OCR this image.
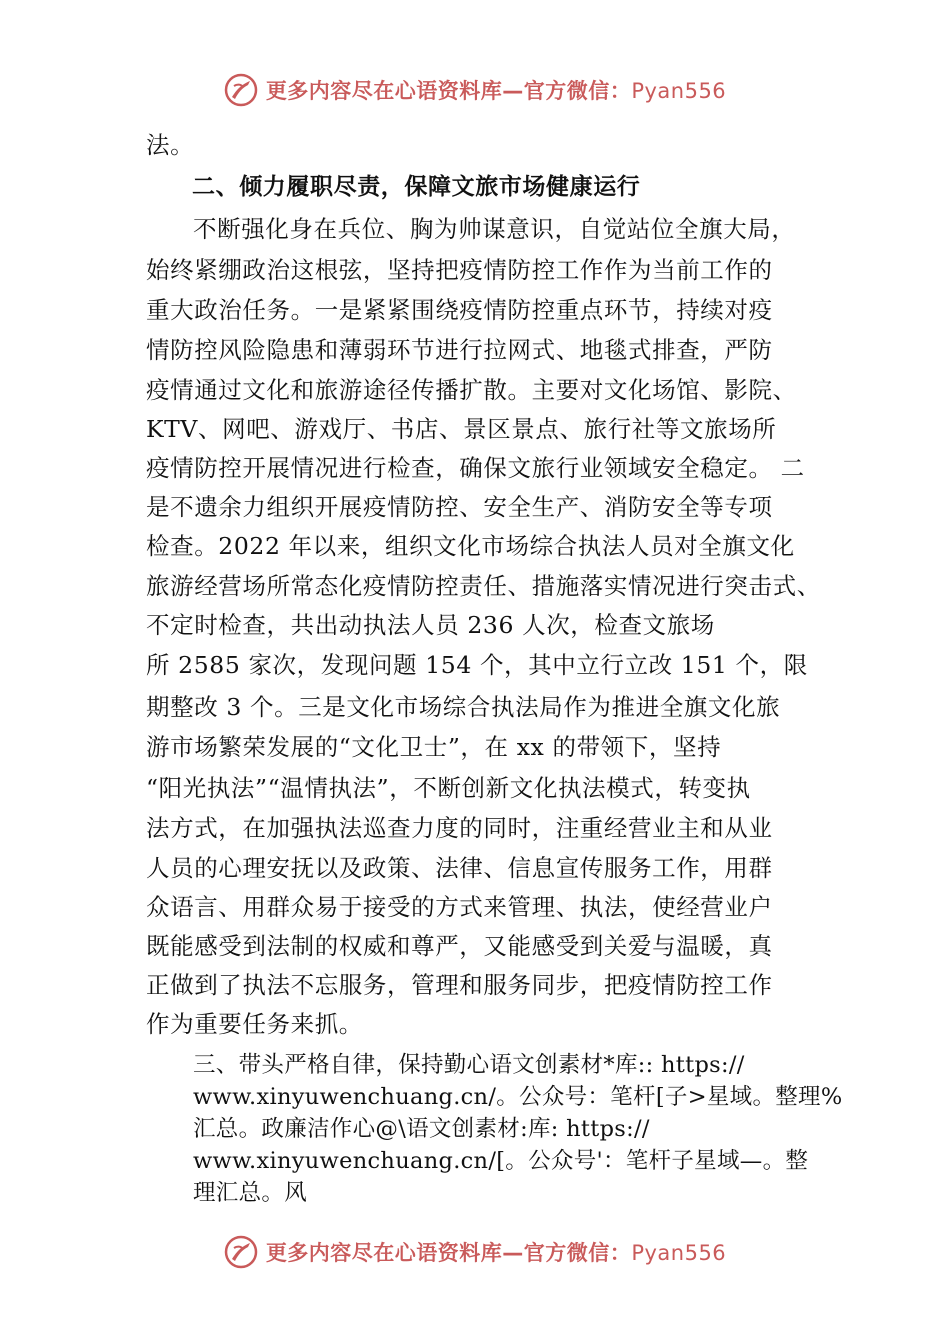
更多内容尽在心语资料库—官方微信：Pyan556
法。
二、倾力履职尽责，保障文旅市场健康运行
不断强化身在兵位、胸为帅谋意识，自觉站位全旗大局，
始终紧绷政治这根弦，坚持把疫情防控工作作为当前工作的
重大政治任务。一是紧紧围绕疫情防控重点环节，持续对疫
情防控风险隐患和薄弱环节进行拉网式、地毯式排查，严防
疫情通过文化和旅游途径传播扩散。主要对文化场馆、影院、
KTV、网吧、游戏厅、书店、景区景点、旅行社等文旅场所
疫情防控开展情况进行检查，确保文旅行业领域安全稳定。 二
是不遗余力组织开展疫情防控、安全生产、消防安全等专项
检查。2022 年以来，组织文化市场综合执法人员对全旗文化
旅游经营场所常态化疫情防控责任、措施落实情况进行突击式、
不定时检查，共出动执法人员 236 人次，检查文旅场
所 2585 家次，发现问题 154 个，其中立行立改 151 个，限
期整改 3 个。三是文化市场综合执法局作为推进全旗文化旅
游市场繁荣发展的“文化卫士”，在 xx 的带领下，坚持
“阳光执法”“温情执法”，不断创新文化执法模式，转变执
法方式，在加强执法巡查力度的同时，注重经营业主和从业
人员的心理安抚以及政策、法律、信息宣传服务工作，用群
众语言、用群众易于接受的方式来管理、执法，使经营业户
既能感受到法制的权威和尊严，又能感受到关爱与温暖，真
正做到了执法不忘服务，管理和服务同步，把疫情防控工作
作为重要任务来抓。
三、带头严格自律，保持勤心语文创素材*库:: https://
www.xinyuwenchuang.cn/。公众号：笔杆[子>星域。整理%
汇总。政廉洁作心@\语文创素材:库: https://
www.xinyuwenchuang.cn/[。公众号'：笔杆子星域—。整
理汇总。风
更多内容尽在心语资料库—官方微信：Pyan556
